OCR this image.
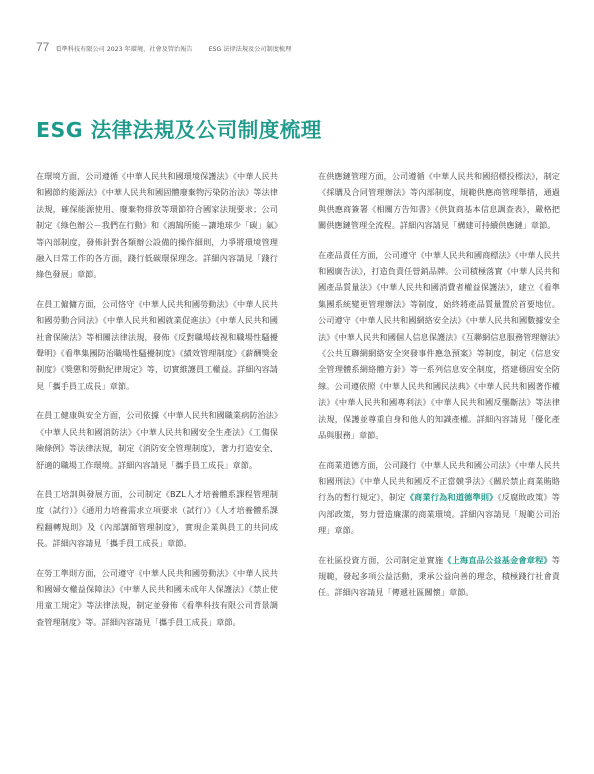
77 看準科技有限公司 2023 年環境、社會及管治報告	ESG 法律法規及公司制度梳理
ESG 法律法規及公司制度梳理

在環境方面，公司遵循《中華人民共和國環境保護法》《中華人民共和國節約能源法》《中華人民共和國固體廢棄物污染防治法》等法律法規，確保能源使用、廢棄物排放等環節符合國家法規要求；公司制定《綠色辦公－我們在行動》和《鴻鵠所能－讓地球少「碳」氣》等內部制度，發佈針對各類辦公設備的操作細則，力爭將環境管理融入日常工作的各方面，踐行低碳環保理念。詳細內容請見「踐行綠色發展」章節。

在員工僱傭方面，公司恪守《中華人民共和國勞動法》《中華人民共和國勞動合同法》《中華人民共和國就業促進法》《中華人民共和國社會保險法》等相關法律法規，發佈《反對職場歧視和職場性騷擾聲明》《看準集團防治職場性騷擾制度》《績效管理制度》《薪酬獎金制度》《獎懲和勞動紀律規定》等，切實維護員工權益。詳細內容請見「攜手員工成長」章節。

在員工健康與安全方面，公司依據《中華人民共和國職業病防治法》《中華人民共和國消防法》《中華人民共和國安全生產法》《工傷保險條例》等法律法規，制定《消防安全管理制度》，著力打造安全、舒適的職場工作環境。詳細內容請見「攜手員工成長」章節。

在員工培訓與發展方面，公司制定《BZL人才培養體系課程管理制度（試行）》《通用力培養需求立項要求（試行）》《人才培養體系課程翻轉規則》及《內部講師管理制度》，實現企業與員工的共同成長。詳細內容請見「攜手員工成長」章節。

在勞工準則方面，公司遵守《中華人民共和國勞動法》《中華人民共和國婦女權益保障法》《中華人民共和國未成年人保護法》《禁止使用童工規定》等法律法規，制定並發佈《看準科技有限公司背景調查管理制度》等。詳細內容請見「攜手員工成長」章節。

在供應鏈管理方面，公司遵循《中華人民共和國招標投標法》，制定《採購及合同管理辦法》等內部制度，規範供應商管理舉措，通過與供應商簽署《相關方告知書》《供貨商基本信息調查表》，嚴格把關供應鏈管理全流程。詳細內容請見「構建可持續供應鏈」章節。

在產品責任方面，公司遵守《中華人民共和國商標法》《中華人民共和國廣告法》，打造負責任營銷品牌。公司積極落實《中華人民共和國產品質量法》《中華人民共和國消費者權益保護法》，建立《看準集團系統變更管理辦法》等制度，始終將產品質量置於首要地位。公司遵守《中華人民共和國網絡安全法》《中華人民共和國數據安全法》《中華人民共和國個人信息保護法》《互聯網信息服務管理辦法》《公共互聯網網絡安全突發事件應急預案》等制度，制定《信息安全管理體系網絡體方針》等一系列信息安全制度，搭建穩固安全防線。公司遵依照《中華人民共和國民法典》《中華人民共和國著作權法》《中華人民共和國專利法》《中華人民共和國反壟斷法》等法律法規，保護並尊重自身和他人的知識產權。詳細內容請見「優化產品與服務」章節。

在商業道德方面，公司踐行《中華人民共和國公司法》《中華人民共和國刑法》《中華人民共和國反不正當競爭法》《關於禁止商業賄賂行為的暫行規定》，制定《商業行為和道德準則》《反腐敗政策》等內部政策，努力營造廉潔的商業環境。詳細內容請見「規範公司治理」章節。

在社區投資方面，公司制定並實施《上海直品公益基金會章程》等規範，發起多項公益活動，秉承公益向善的理念，積極踐行社會責任。詳細內容請見「傳遞社區關懷」章節。
